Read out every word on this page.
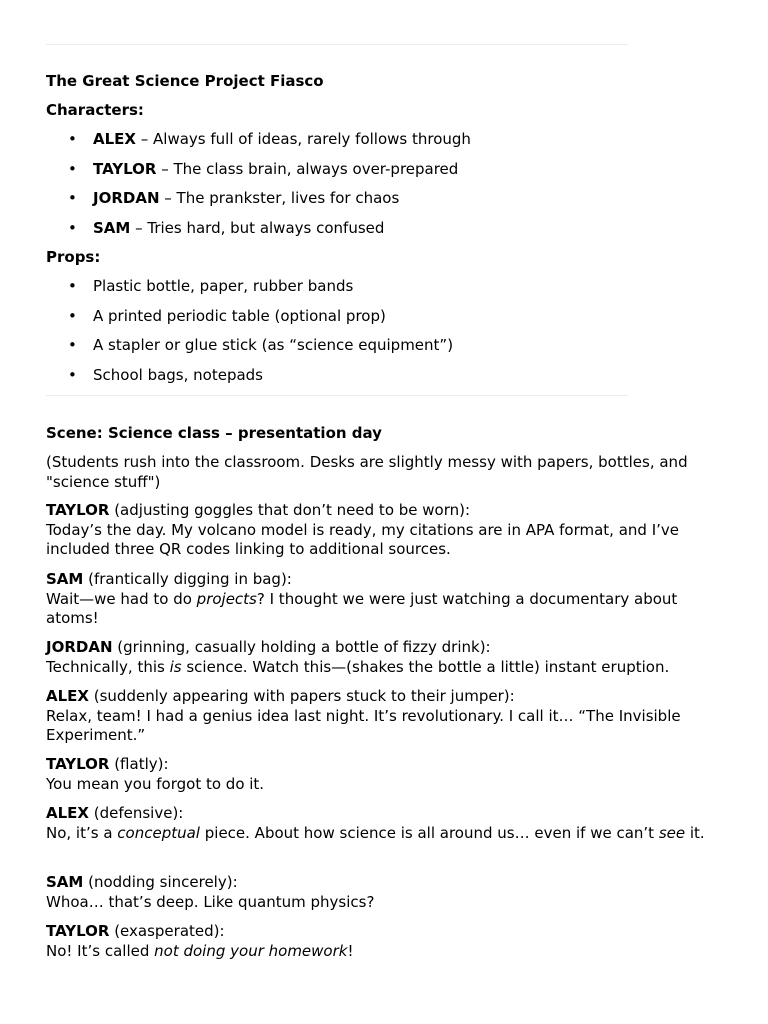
The Great Science Project Fiasco
Characters:
• ALEX – Always full of ideas, rarely follows through
• TAYLOR – The class brain, always over-prepared
• JORDAN – The prankster, lives for chaos
• SAM – Tries hard, but always confused
Props:
• Plastic bottle, paper, rubber bands
• A printed periodic table (optional prop)
• A stapler or glue stick (as “science equipment”)
• School bags, notepads
Scene: Science class – presentation day
(Students rush into the classroom. Desks are slightly messy with papers, bottles, and "science stuff")
TAYLOR (adjusting goggles that don’t need to be worn):
Today’s the day. My volcano model is ready, my citations are in APA format, and I’ve included three QR codes linking to additional sources.
SAM (frantically digging in bag):
Wait—we had to do projects? I thought we were just watching a documentary about atoms!
JORDAN (grinning, casually holding a bottle of fizzy drink):
Technically, this is science. Watch this—(shakes the bottle a little) instant eruption.
ALEX (suddenly appearing with papers stuck to their jumper):
Relax, team! I had a genius idea last night. It’s revolutionary. I call it… “The Invisible Experiment.”
TAYLOR (flatly):
You mean you forgot to do it.
ALEX (defensive):
No, it’s a conceptual piece. About how science is all around us… even if we can’t see it.
SAM (nodding sincerely):
Whoa… that’s deep. Like quantum physics?
TAYLOR (exasperated):
No! It’s called not doing your homework!
